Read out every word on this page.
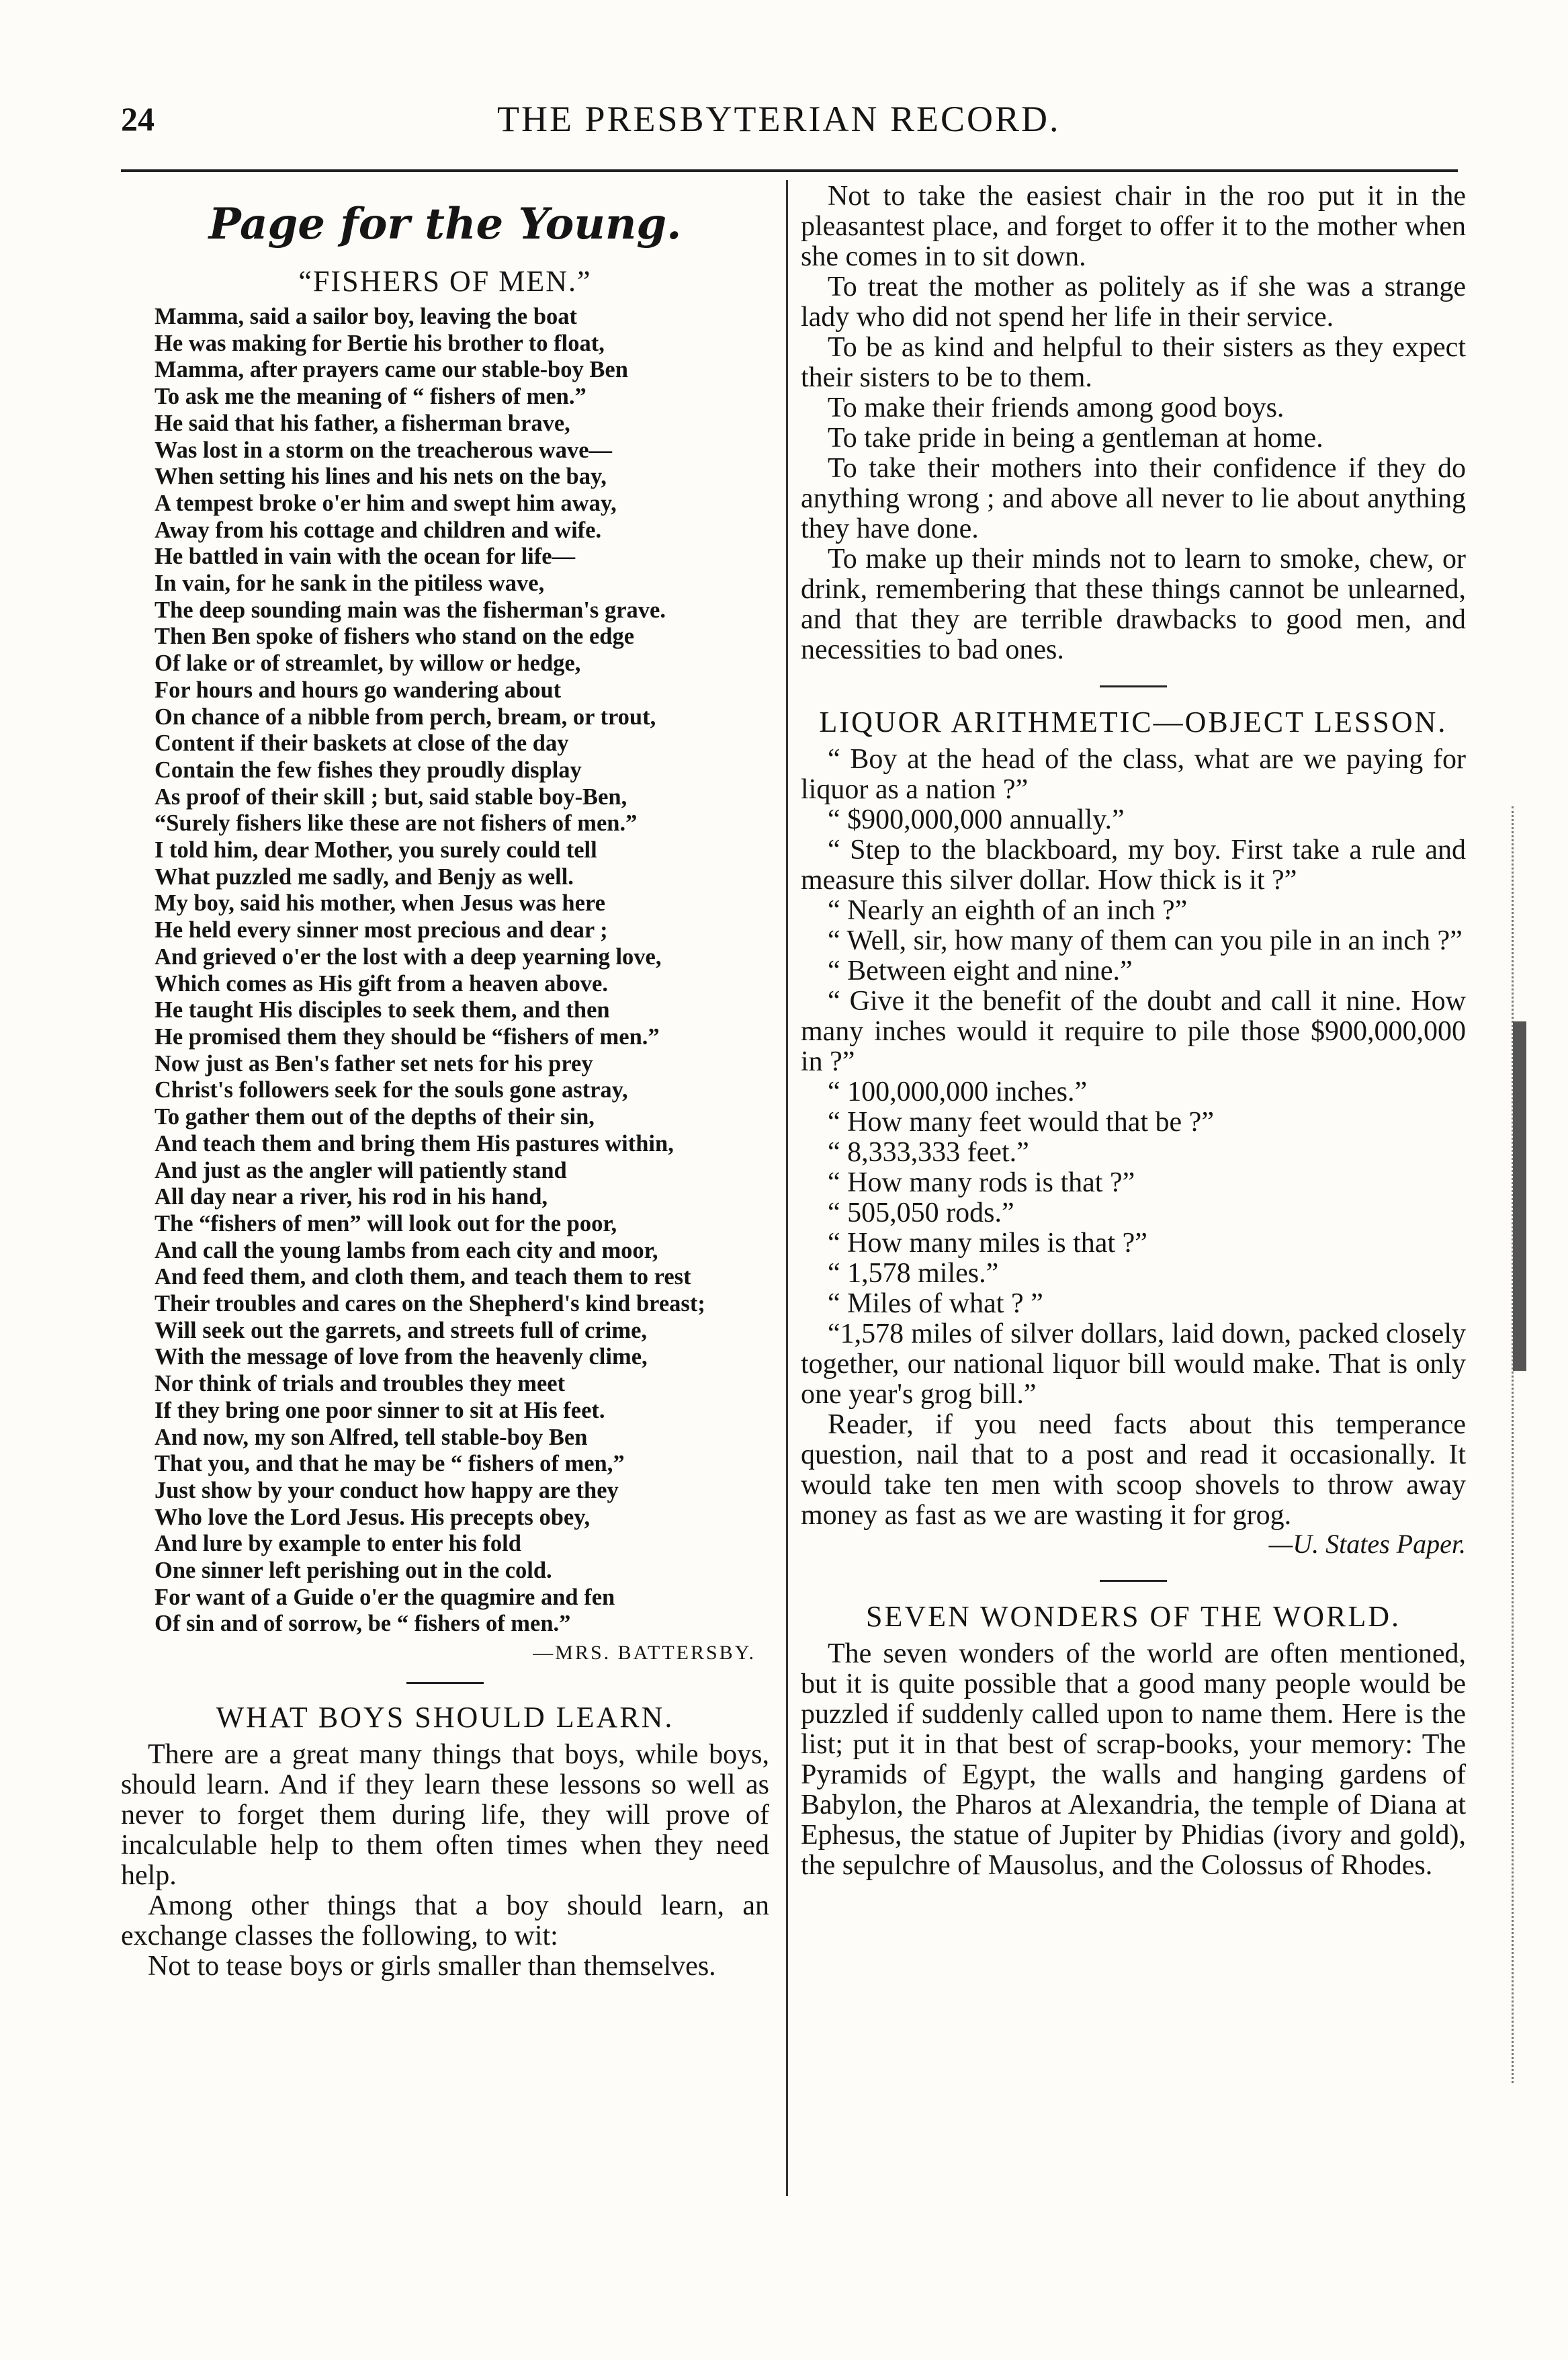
24	THE PRESBYTERIAN RECORD.
Page for the Young.
“FISHERS OF MEN.”
Mamma, said a sailor boy, leaving the boat
He was making for Bertie his brother to float,
Mamma, after prayers came our stable-boy Ben
To ask me the meaning of “ fishers of men.”
He said that his father, a fisherman brave,
Was lost in a storm on the treacherous wave—
When setting his lines and his nets on the bay,
A tempest broke o'er him and swept him away,
Away from his cottage and children and wife.
He battled in vain with the ocean for life—
In vain, for he sank in the pitiless wave,
The deep sounding main was the fisherman's grave.
Then Ben spoke of fishers who stand on the edge
Of lake or of streamlet, by willow or hedge,
For hours and hours go wandering about
On chance of a nibble from perch, bream, or trout,
Content if their baskets at close of the day
Contain the few fishes they proudly display
As proof of their skill ; but, said stable boy-Ben,
“Surely fishers like these are not fishers of men.”
I told him, dear Mother, you surely could tell
What puzzled me sadly, and Benjy as well.
My boy, said his mother, when Jesus was here
He held every sinner most precious and dear ;
And grieved o'er the lost with a deep yearning love,
Which comes as His gift from a heaven above.
He taught His disciples to seek them, and then
He promised them they should be “fishers of men.”
Now just as Ben's father set nets for his prey
Christ's followers seek for the souls gone astray,
To gather them out of the depths of their sin,
And teach them and bring them His pastures within,
And just as the angler will patiently stand
All day near a river, his rod in his hand,
The “fishers of men” will look out for the poor,
And call the young lambs from each city and moor,
And feed them, and cloth them, and teach them to rest
Their troubles and cares on the Shepherd's kind breast;
Will seek out the garrets, and streets full of crime,
With the message of love from the heavenly clime,
Nor think of trials and troubles they meet
If they bring one poor sinner to sit at His feet.
And now, my son Alfred, tell stable-boy Ben
That you, and that he may be “ fishers of men,”
Just show by your conduct how happy are they
Who love the Lord Jesus. His precepts obey,
And lure by example to enter his fold
One sinner left perishing out in the cold.
For want of a Guide o'er the quagmire and fen
Of sin and of sorrow, be “ fishers of men.”
—MRS. BATTERSBY.
WHAT BOYS SHOULD LEARN.

There are a great many things that boys, while boys, should learn. And if they learn these lessons so well as never to forget them during life, they will prove of incalculable help to them often times when they need help.

Among other things that a boy should learn, an exchange classes the following, to wit:

Not to tease boys or girls smaller than themselves.

Not to take the easiest chair in the roo put it in the pleasantest place, and forget to offer it to the mother when she comes in to sit down.

To treat the mother as politely as if she was a strange lady who did not spend her life in their service.

To be as kind and helpful to their sisters as they expect their sisters to be to them.

To make their friends among good boys.

To take pride in being a gentleman at home.

To take their mothers into their confidence if they do anything wrong ; and above all never to lie about anything they have done.

To make up their minds not to learn to smoke, chew, or drink, remembering that these things cannot be unlearned, and that they are terrible drawbacks to good men, and necessities to bad ones.

LIQUOR ARITHMETIC—OBJECT LESSON.

“ Boy at the head of the class, what are we paying for liquor as a nation ?”

“ $900,000,000 annually.”

“ Step to the blackboard, my boy. First take a rule and measure this silver dollar. How thick is it ?”

“ Nearly an eighth of an inch ?”

“ Well, sir, how many of them can you pile in an inch ?”

“ Between eight and nine.”

“ Give it the benefit of the doubt and call it nine. How many inches would it require to pile those $900,000,000 in ?”

“ 100,000,000 inches.”

“ How many feet would that be ?”

“ 8,333,333 feet.”

“ How many rods is that ?”

“ 505,050 rods.”

“ How many miles is that ?”

“ 1,578 miles.”

“ Miles of what ? ”

“1,578 miles of silver dollars, laid down, packed closely together, our national liquor bill would make. That is only one year's grog bill.”

Reader, if you need facts about this temperance question, nail that to a post and read it occasionally. It would take ten men with scoop shovels to throw away money as fast as we are wasting it for grog.

—U. States Paper.
SEVEN WONDERS OF THE WORLD.

The seven wonders of the world are often mentioned, but it is quite possible that a good many people would be puzzled if suddenly called upon to name them. Here is the list; put it in that best of scrap-books, your memory: The Pyramids of Egypt, the walls and hanging gardens of Babylon, the Pharos at Alexandria, the temple of Diana at Ephesus, the statue of Jupiter by Phidias (ivory and gold), the sepulchre of Mausolus, and the Colossus of Rhodes.
